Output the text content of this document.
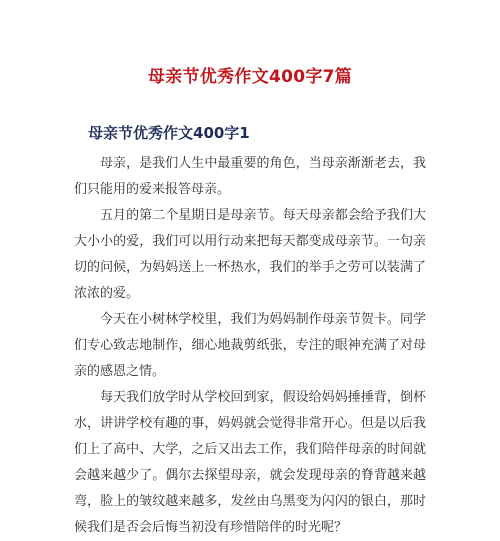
母亲节优秀作文400字7篇
母亲节优秀作文400字1

母亲，是我们人生中最重要的角色，当母亲渐渐老去，我们只能用的爱来报答母亲。

五月的第二个星期日是母亲节。每天母亲都会给予我们大大小小的爱，我们可以用行动来把每天都变成母亲节。一句亲切的问候，为妈妈送上一杯热水，我们的举手之劳可以装满了浓浓的爱。

今天在小树林学校里，我们为妈妈制作母亲节贺卡。同学们专心致志地制作，细心地裁剪纸张，专注的眼神充满了对母亲的感恩之情。

每天我们放学时从学校回到家，假设给妈妈捶捶背，倒杯水，讲讲学校有趣的事，妈妈就会觉得非常开心。但是以后我们上了高中、大学，之后又出去工作，我们陪伴母亲的时间就会越来越少了。偶尔去探望母亲，就会发现母亲的脊背越来越弯，脸上的皱纹越来越多，发丝由乌黑变为闪闪的银白，那时候我们是否会后悔当初没有珍惜陪伴的时光呢？
